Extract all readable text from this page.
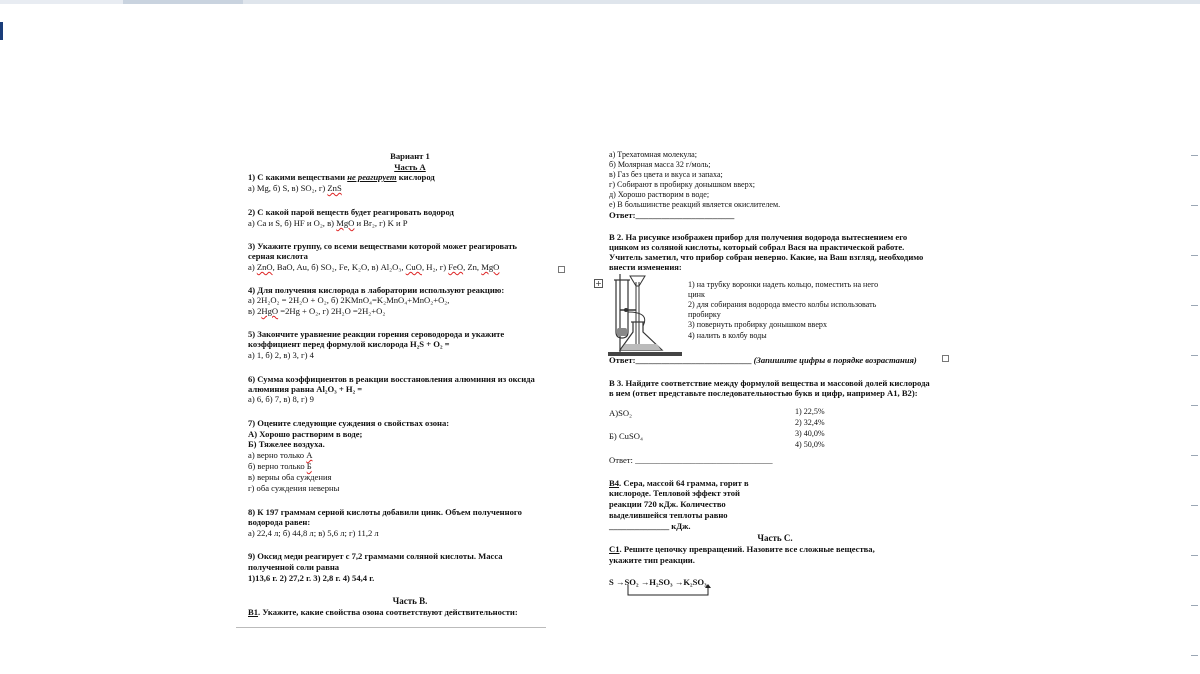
Вариант 1
Часть А
1) С какими веществами не реагирует кислород
а) Mg, б) S, в) SO₂, г) ZnS
2) С какой парой веществ будет реагировать водород
а) Ca и S, б) HF и O₂, в) MgO и Br₂, г) K и P
3) Укажите группу, со всеми веществами которой может реагировать
серная кислота
а) ZnO, BaO, Au, б) SO₂, Fe, K₂O, в) Al₂O₃, CuO, H₂, г) FeO, Zn, MgO
4) Для получения кислорода в лаборатории используют реакцию:
а) 2H₂O₂ = 2H₂O + O₂, б) 2KMnO₄=K₂MnO₄+MnO₂+O₂,
в) 2HgO =2Hg + O₂, г) 2H₂O =2H₂+O₂
5) Закончите уравнение реакции горения сероводорода и укажите
коэффициент перед формулой кислорода H₂S + O₂ =
а) 1, б) 2, в) 3, г) 4
6) Сумма коэффициентов в реакции восстановления алюминия из оксида
алюминия равна Al₂O₃ + H₂ =
а) 6, б) 7, в) 8, г) 9
7) Оцените следующие суждения о свойствах озона:
А) Хорошо растворим в воде;
Б) Тяжелее воздуха.
а) верно только А
б) верно только Б
в) верны оба суждения
г) оба суждения неверны
8) К 197 граммам серной кислоты добавили цинк. Объем полученного
водорода равен:
а) 22,4 л; б) 44,8 л; в) 5,6 л; г) 11,2 л
9) Оксид меди реагирует с 7,2 граммами соляной кислоты. Масса
полученной соли равна
1)13,6 г. 2) 27,2 г. 3) 2,8 г. 4) 54,4 г.
Часть В.
В1. Укажите, какие свойства озона соответствуют действительности:
а) Трехатомная молекула;
б) Молярная масса 32 г/моль;
в) Газ без цвета и вкуса и запаха;
г) Собирают в пробирку донышком вверх;
д) Хорошо растворим в воде;
е) В большинстве реакций является окислителем.
Ответ:_______________________
В 2. На рисунке изображен прибор для получения водорода вытеснением его
цинком из соляной кислоты, который собрал Вася на практической работе.
Учитель заметил, что прибор собран неверно. Какие, на Ваш взгляд, необходимо
внести изменения:
+	1) на трубку воронки надеть кольцо, поместить на него
цинк
2) для собирания водорода вместо колбы использовать
пробирку
3) повернуть пробирку донышком вверх
4) налить в колбу воды
Ответ:___________________________ (Запишите цифры в порядке возрастания)
В 3. Найдите соответствие между формулой вещества и массовой долей кислорода
в нем (ответ представьте последовательностью букв и цифр, например А1, В2):
А)SO₂
Б) CuSO₄
1) 22,5%
2) 32,4%
3) 40,0%
4) 50,0%
Ответ: ________________________________
В4. Сера, массой 64 грамма, горит в
кислороде. Тепловой эффект этой
реакции 720 кДж. Количество
выделившейся теплоты равно
______________ кДж.
Часть С.
С1. Решите цепочку превращений. Назовите все сложные вещества,
укажите тип реакции.
S →SO₂ →H₂SO₃ →K₂SO₃
